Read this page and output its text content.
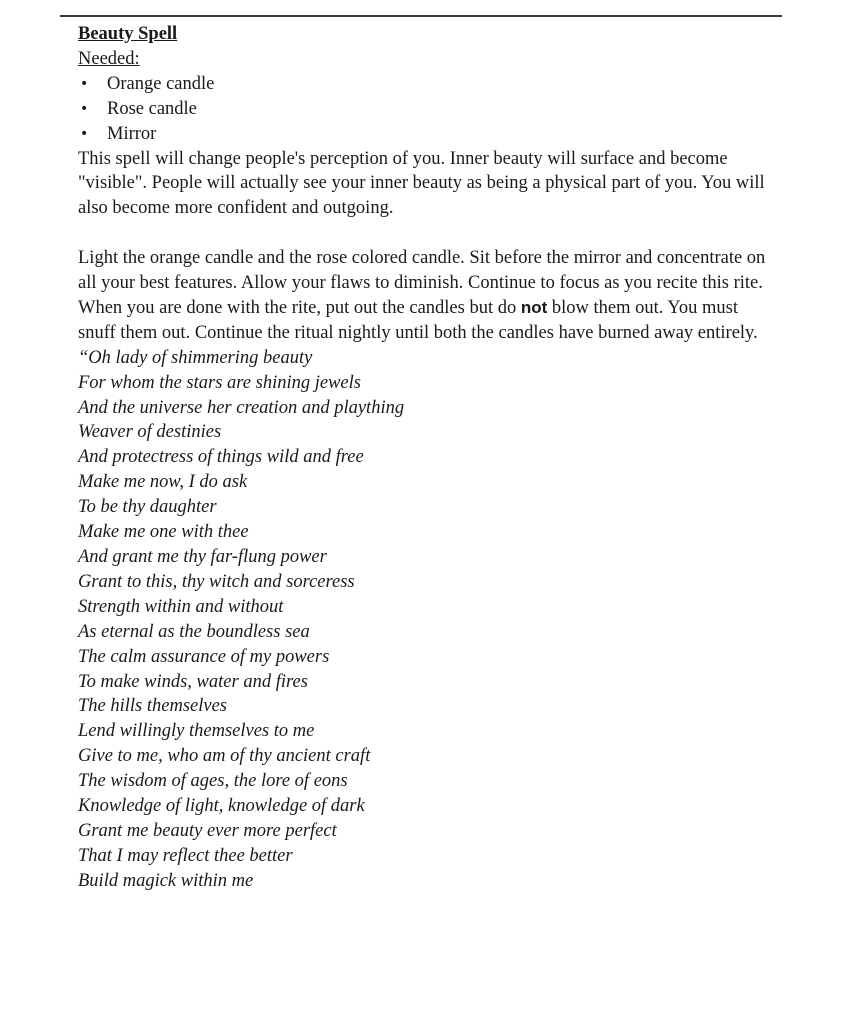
Beauty Spell

Needed:

• Orange candle
• Rose candle
• Mirror

This spell will change people's perception of you. Inner beauty will surface and become "visible". People will actually see your inner beauty as being a physical part of you. You will also become more confident and outgoing.

Light the orange candle and the rose colored candle. Sit before the mirror and concentrate on all your best features. Allow your flaws to diminish. Continue to focus as you recite this rite. When you are done with the rite, put out the candles but do not blow them out. You must snuff them out. Continue the ritual nightly until both the candles have burned away entirely.

“Oh lady of shimmering beauty
For whom the stars are shining jewels
And the universe her creation and plaything
Weaver of destinies
And protectress of things wild and free
Make me now, I do ask
To be thy daughter
Make me one with thee
And grant me thy far-flung power
Grant to this, thy witch and sorceress
Strength within and without
As eternal as the boundless sea
The calm assurance of my powers
To make winds, water and fires
The hills themselves
Lend willingly themselves to me
Give to me, who am of thy ancient craft
The wisdom of ages, the lore of eons
Knowledge of light, knowledge of dark
Grant me beauty ever more perfect
That I may reflect thee better
Build magick within me
